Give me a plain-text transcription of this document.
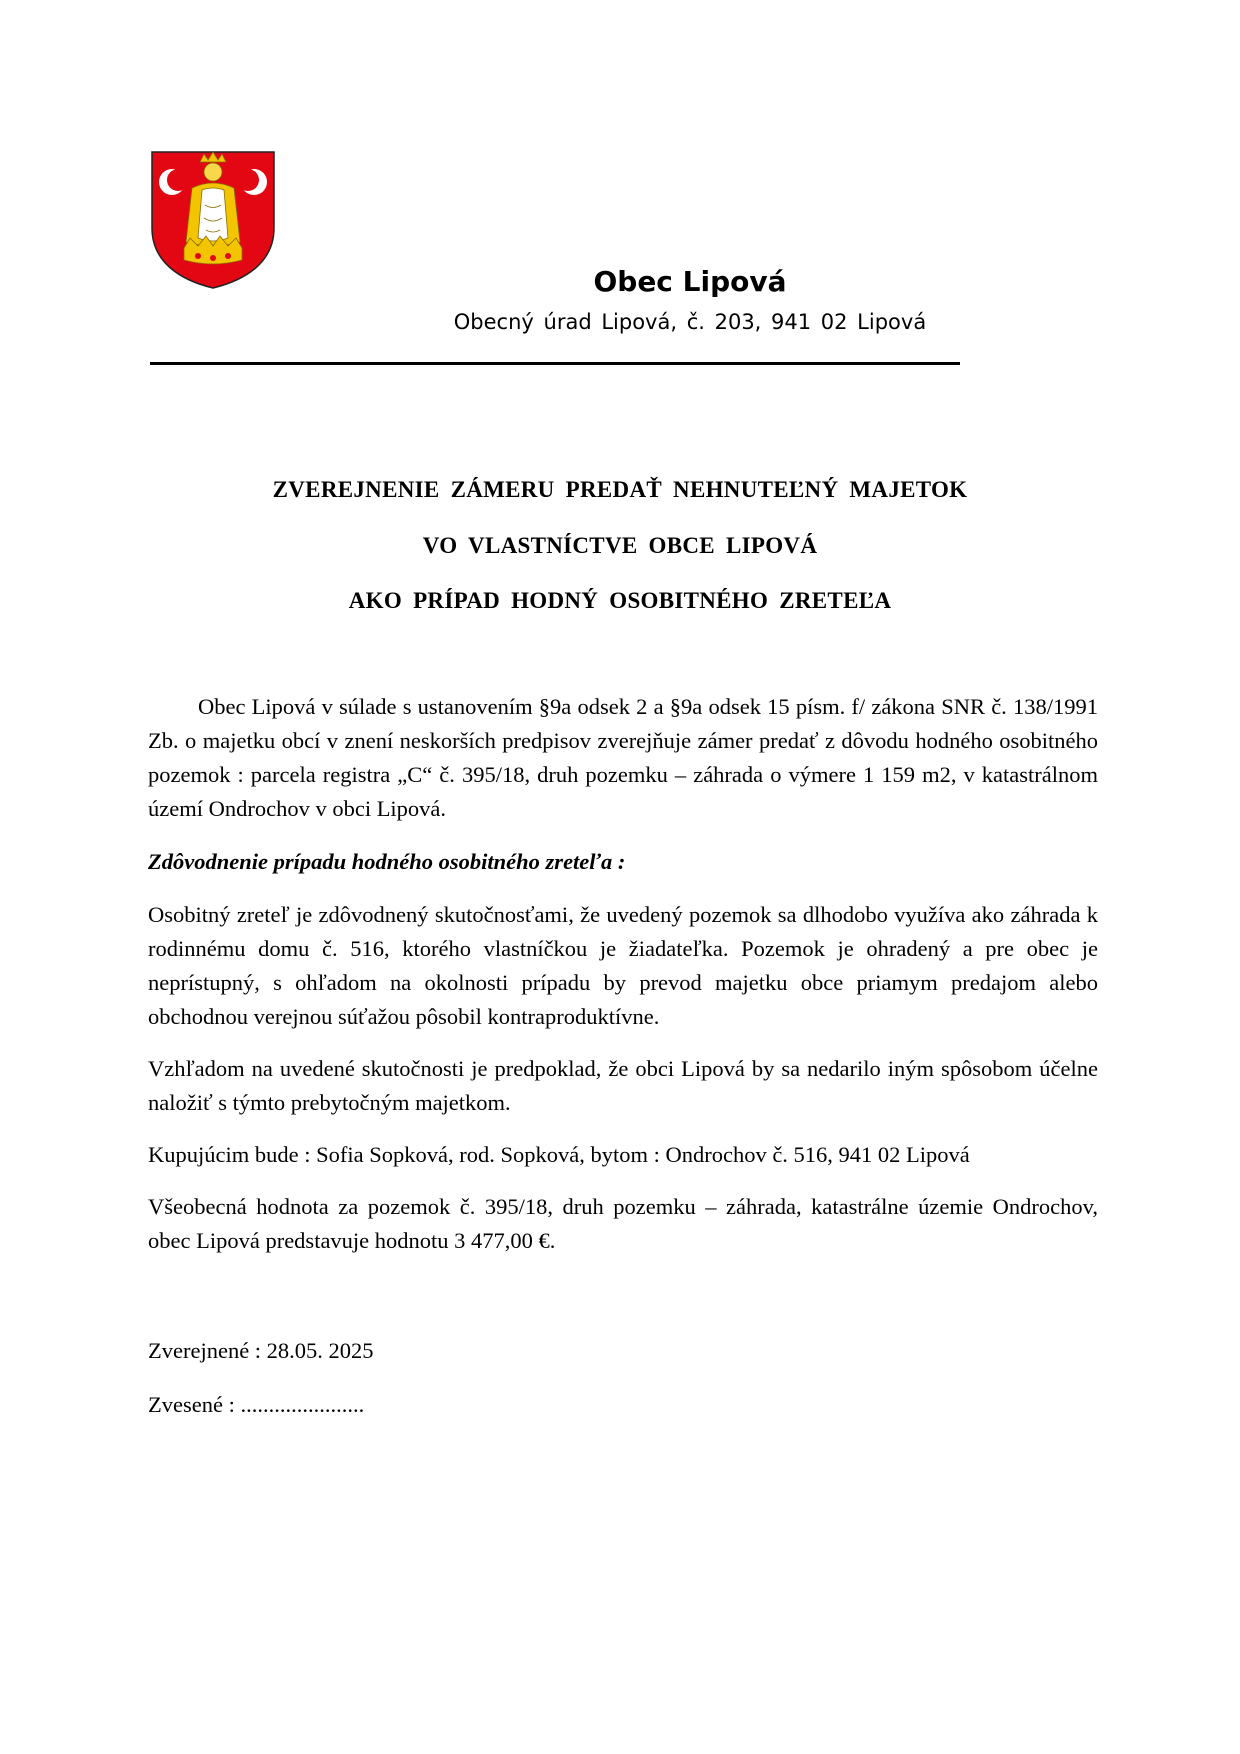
Obec Lipová
Obecný úrad Lipová, č. 203, 941 02 Lipová
ZVEREJNENIE ZÁMERU PREDAŤ NEHNUTEĽNÝ MAJETOK
VO VLASTNÍCTVE OBCE LIPOVÁ
AKO PRÍPAD HODNÝ OSOBITNÉHO ZRETEĽA
Obec Lipová v súlade s ustanovením §9a odsek 2 a §9a odsek 15 písm. f/ zákona SNR č. 138/1991 Zb. o majetku obcí v znení neskorších predpisov zverejňuje zámer predať z dôvodu hodného osobitného pozemok : parcela registra „C“ č. 395/18, druh pozemku – záhrada o výmere 1 159 m2, v katastrálnom území Ondrochov v obci Lipová.
Zdôvodnenie prípadu hodného osobitného zreteľa :
Osobitný zreteľ je zdôvodnený skutočnosťami, že uvedený pozemok sa dlhodobo využíva ako záhrada k rodinnému domu č. 516, ktorého vlastníčkou je žiadateľka. Pozemok je ohradený a pre obec je neprístupný, s ohľadom na okolnosti prípadu by prevod majetku obce priamym predajom alebo obchodnou verejnou súťažou pôsobil kontraproduktívne.
Vzhľadom na uvedené skutočnosti je predpoklad, že obci Lipová by sa nedarilo iným spôsobom účelne naložiť s týmto prebytočným majetkom.
Kupujúcim bude : Sofia Sopková, rod. Sopková, bytom : Ondrochov č. 516, 941 02 Lipová
Všeobecná hodnota za pozemok č. 395/18, druh pozemku – záhrada, katastrálne územie Ondrochov, obec Lipová predstavuje hodnotu 3 477,00 €.
Zverejnené : 28.05. 2025
Zvesené : ......................
